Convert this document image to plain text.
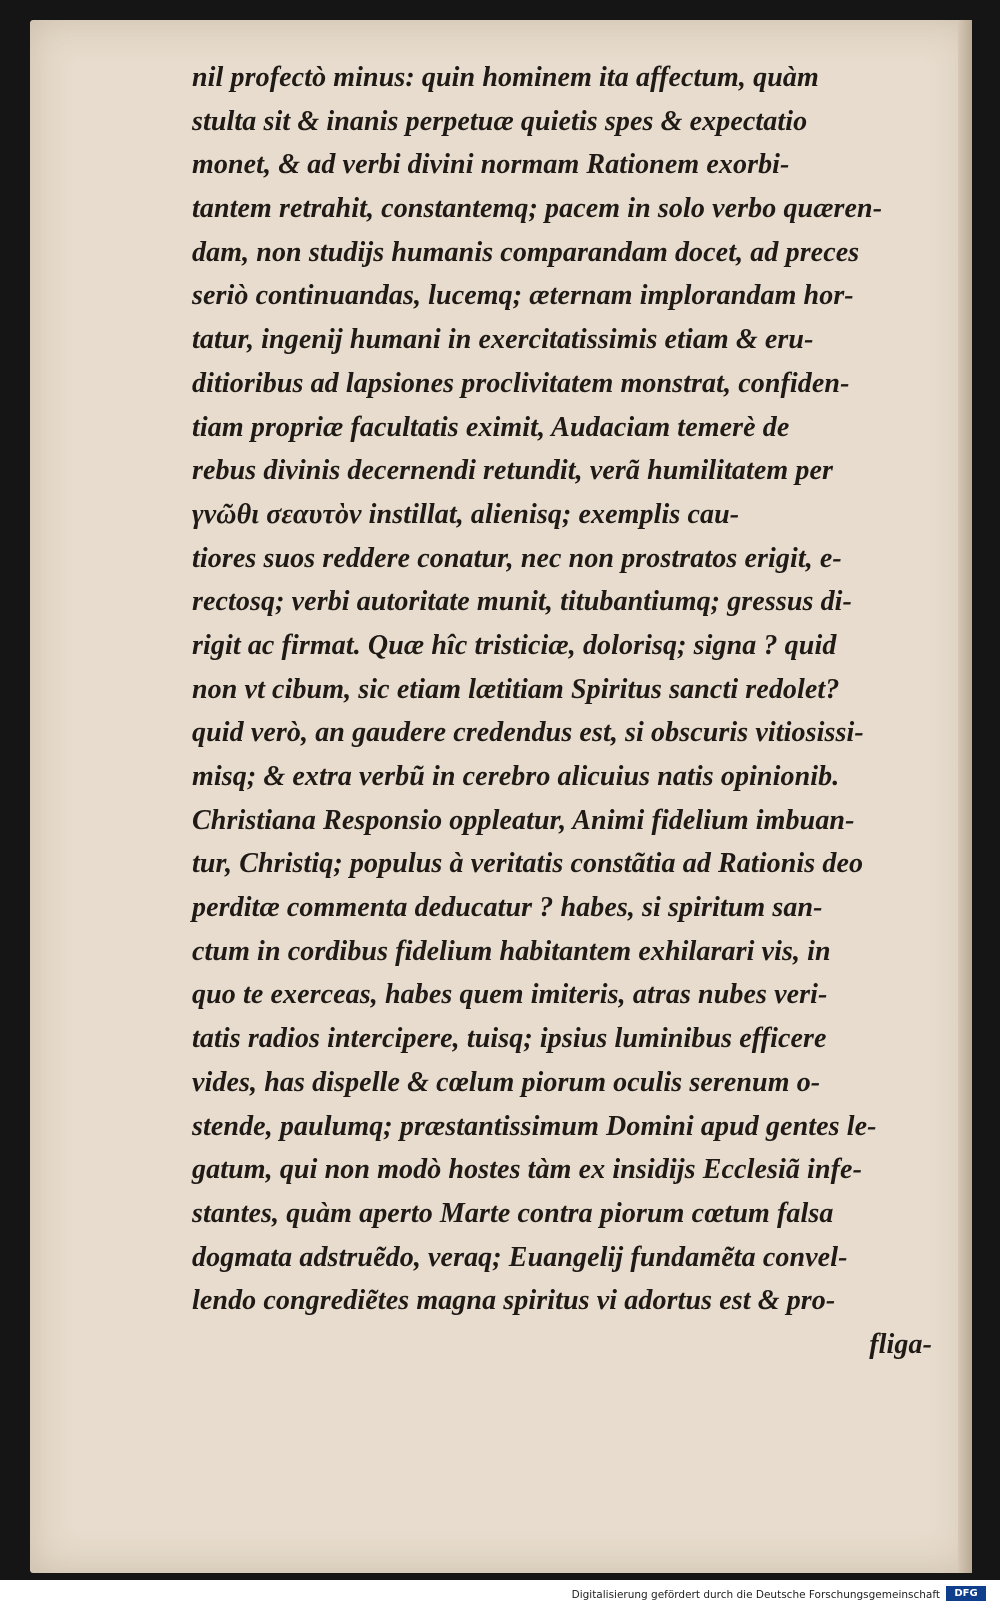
nil profectò minus: quin hominem ita affectum, quàm
stulta sit & inanis perpetuæ quietis spes & expectatio
monet, & ad verbi divini normam Rationem exorbi-
tantem retrahit, constantemq; pacem in solo verbo quæren-
dam, non studijs humanis comparandam docet, ad preces
seriò continuandas, lucemq; æternam implorandam hor-
tatur, ingenij humani in exercitatissimis etiam & eru-
ditioribus ad lapsiones proclivitatem monstrat, confiden-
tiam propriæ facultatis eximit, Audaciam temerè de
rebus divinis decernendi retundit, verã humilitatem per
γνῶθι σεαυτὸν instillat, alienisq; exemplis cau-
tiores suos reddere conatur, nec non prostratos erigit, e-
rectosq; verbi autoritate munit, titubantiumq; gressus di-
rigit ac firmat. Quæ hîc tristiciæ, dolorisq; signa ? quid
non vt cibum, sic etiam lætitiam Spiritus sancti redolet?
quid verò, an gaudere credendus est, si obscuris vitiosissi-
misq; & extra verbũ in cerebro alicuius natis opinionib.
Christiana Responsio oppleatur, Animi fidelium imbuan-
tur, Christiq; populus à veritatis constãtia ad Rationis deo
perditæ commenta deducatur ? habes, si spiritum san-
ctum in cordibus fidelium habitantem exhilarari vis, in
quo te exerceas, habes quem imiteris, atras nubes veri-
tatis radios intercipere, tuisq; ipsius luminibus efficere
vides, has dispelle & cœlum piorum oculis serenum o-
stende, paulumq; præstantissimum Domini apud gentes le-
gatum, qui non modò hostes tàm ex insidijs Ecclesiã infe-
stantes, quàm aperto Marte contra piorum cœtum falsa
dogmata adstruẽdo, veraq; Euangelij fundamẽta convel-
lendo congrediẽtes magna spiritus vi adortus est & pro-
fliga-
Digitalisierung gefördert durch die Deutsche Forschungsgemeinschaft	DFG
